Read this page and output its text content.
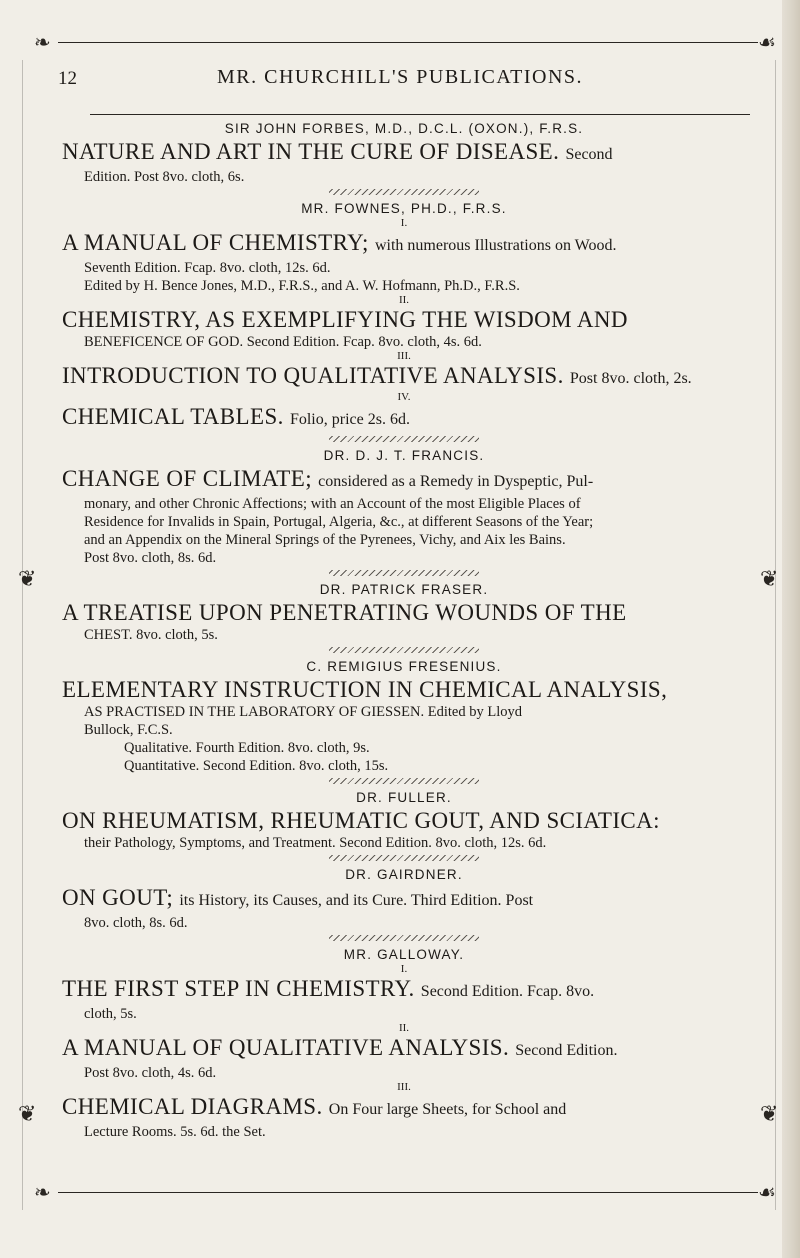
❧	☙
12	MR. CHURCHILL'S PUBLICATIONS.
❦	❦
❦	❦

SIR JOHN FORBES, M.D., D.C.L. (OXON.), F.R.S.

NATURE AND ART IN THE CURE OF DISEASE. Second

Edition. Post 8vo. cloth, 6s.

MR. FOWNES, PH.D., F.R.S.

I.

A MANUAL OF CHEMISTRY; with numerous Illustrations on Wood.

Seventh Edition. Fcap. 8vo. cloth, 12s. 6d.

Edited by H. Bence Jones, M.D., F.R.S., and A. W. Hofmann, Ph.D., F.R.S.

II.

CHEMISTRY, AS EXEMPLIFYING THE WISDOM AND

BENEFICENCE OF GOD. Second Edition. Fcap. 8vo. cloth, 4s. 6d.

III.

INTRODUCTION TO QUALITATIVE ANALYSIS. Post 8vo. cloth, 2s.

IV.

CHEMICAL TABLES. Folio, price 2s. 6d.

DR. D. J. T. FRANCIS.

CHANGE OF CLIMATE; considered as a Remedy in Dyspeptic, Pul-

monary, and other Chronic Affections; with an Account of the most Eligible Places of

Residence for Invalids in Spain, Portugal, Algeria, &c., at different Seasons of the Year;

and an Appendix on the Mineral Springs of the Pyrenees, Vichy, and Aix les Bains.

Post 8vo. cloth, 8s. 6d.

DR. PATRICK FRASER.

A TREATISE UPON PENETRATING WOUNDS OF THE

CHEST. 8vo. cloth, 5s.

C. REMIGIUS FRESENIUS.

ELEMENTARY INSTRUCTION IN CHEMICAL ANALYSIS,

AS PRACTISED IN THE LABORATORY OF GIESSEN. Edited by Lloyd

Bullock, F.C.S.

Qualitative. Fourth Edition. 8vo. cloth, 9s.

Quantitative. Second Edition. 8vo. cloth, 15s.

DR. FULLER.

ON RHEUMATISM, RHEUMATIC GOUT, AND SCIATICA:

their Pathology, Symptoms, and Treatment. Second Edition. 8vo. cloth, 12s. 6d.

DR. GAIRDNER.

ON GOUT; its History, its Causes, and its Cure. Third Edition. Post

8vo. cloth, 8s. 6d.

MR. GALLOWAY.

I.

THE FIRST STEP IN CHEMISTRY. Second Edition. Fcap. 8vo.

cloth, 5s.

II.

A MANUAL OF QUALITATIVE ANALYSIS. Second Edition.

Post 8vo. cloth, 4s. 6d.

III.

CHEMICAL DIAGRAMS. On Four large Sheets, for School and

Lecture Rooms. 5s. 6d. the Set.

❧	☙
